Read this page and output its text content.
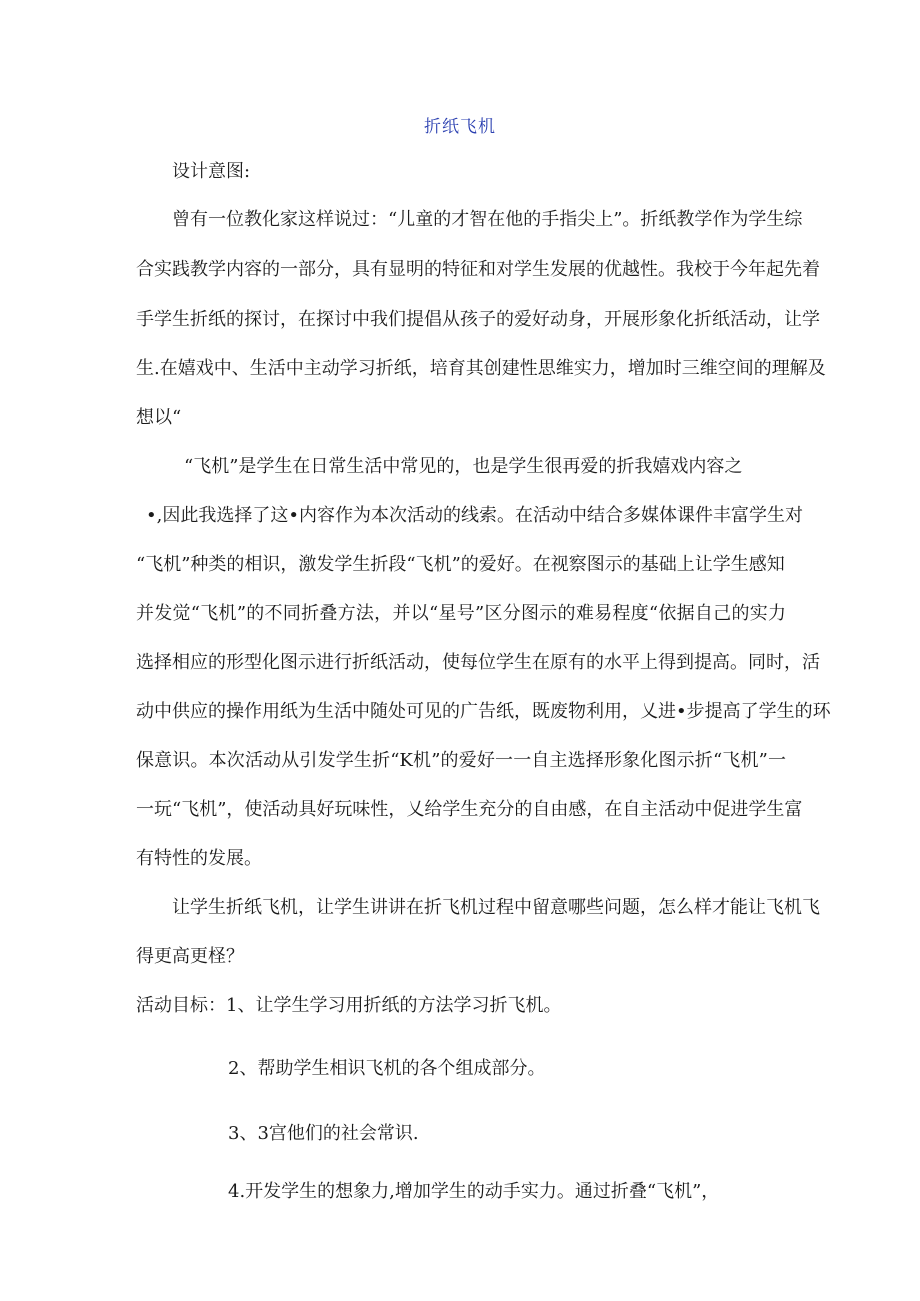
折纸飞机
设计意图:
曾有一位教化家这样说过：“儿童的才智在他的手指尖上”。折纸教学作为学生综
合实践教学内容的一部分，具有显明的特征和对学生发展的优越性。我校于今年起先着
手学生折纸的探讨，在探讨中我们提倡从孩子的爱好动身，开展形象化折纸活动，让学
生.在嬉戏中、生活中主动学习折纸，培育其创建性思维实力，增加时三维空间的理解及
想以“
“飞机”是学生在日常生活中常见的，也是学生很再爱的折我嬉戏内容之
•,因此我选择了这•内容作为本次活动的线索。在活动中结合多媒体课件丰富学生对
“飞机”种类的相识，激发学生折段“飞机”的爱好。在视察图示的基础上让学生感知
并发觉“飞机”的不同折叠方法，并以“星号”区分图示的难易程度“依据自己的实力
选择相应的形型化图示进行折纸活动，使每位学生在原有的水平上得到提高。同时，活
动中供应的操作用纸为生活中随处可见的广告纸，既废物利用，乂进•步提高了学生的环
保意识。本次活动从引发学生折“K机”的爱好一一自主选择形象化图示折“飞机”一
一玩“飞机”，使活动具好玩味性，乂给学生充分的自由感，在自主活动中促进学生富
有特性的发展。
让学生折纸飞机，让学生讲讲在折飞机过程中留意哪些问题，怎么样才能让飞机飞
得更高更柽？
活动目标：1、让学生学习用折纸的方法学习折飞机。
2、帮助学生相识飞机的各个组成部分。
3、3宫他们的社会常识.
4.开发学生的想象力,增加学生的动手实力。通过折叠“飞机”，
